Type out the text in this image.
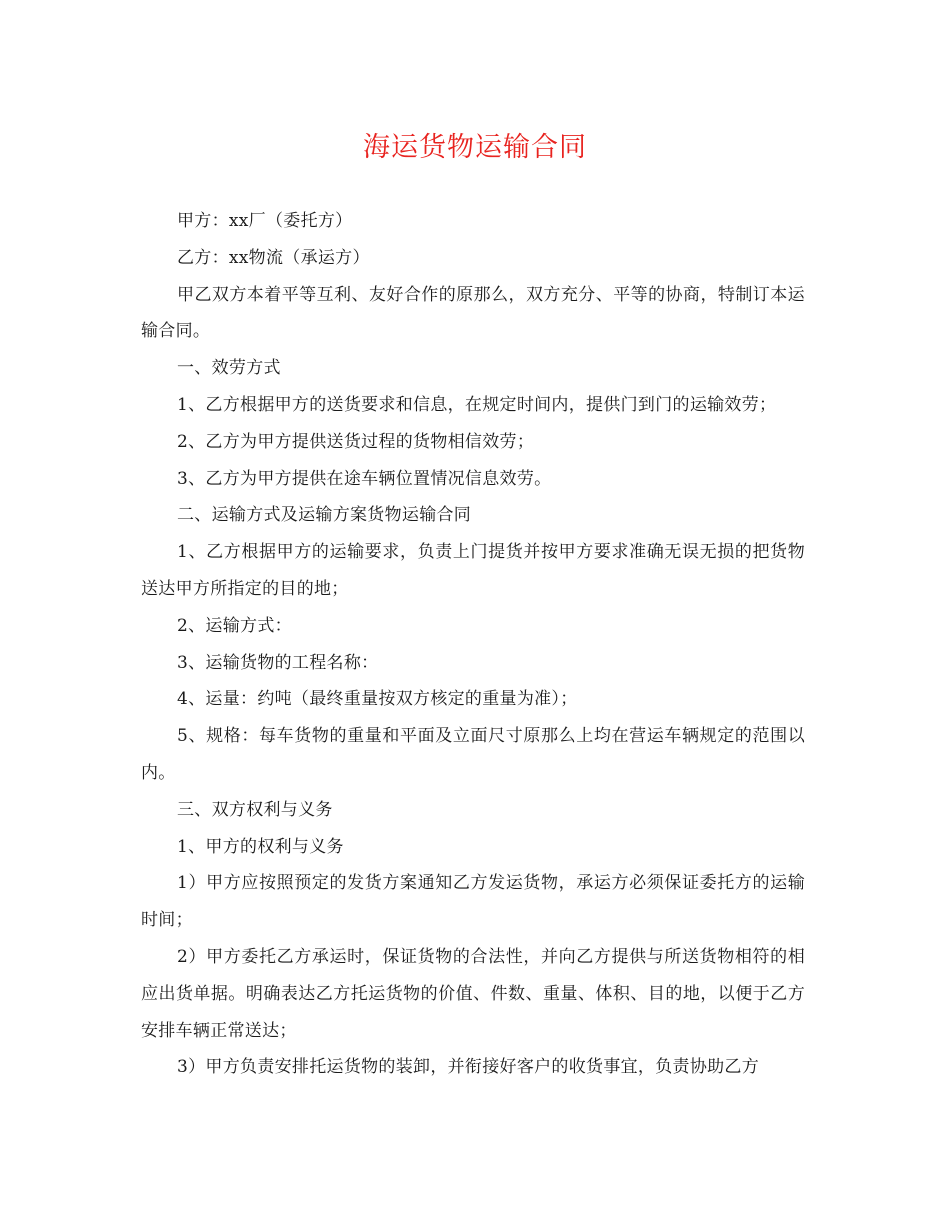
海运货物运输合同

甲方：xx厂（委托方）

乙方：xx物流（承运方）

甲乙双方本着平等互利、友好合作的原那么，双方充分、平等的协商，特制订本运输合同。

一、效劳方式

1、乙方根据甲方的送货要求和信息，在规定时间内，提供门到门的运输效劳；

2、乙方为甲方提供送货过程的货物相信效劳；

3、乙方为甲方提供在途车辆位置情况信息效劳。

二、运输方式及运输方案货物运输合同

1、乙方根据甲方的运输要求，负责上门提货并按甲方要求准确无误无损的把货物送达甲方所指定的目的地；

2、运输方式：

3、运输货物的工程名称：

4、运量：约吨（最终重量按双方核定的重量为准）；

5、规格：每车货物的重量和平面及立面尺寸原那么上均在营运车辆规定的范围以内。

三、双方权利与义务

1、甲方的权利与义务

1）甲方应按照预定的发货方案通知乙方发运货物，承运方必须保证委托方的运输时间；

2）甲方委托乙方承运时，保证货物的合法性，并向乙方提供与所送货物相符的相应出货单据。明确表达乙方托运货物的价值、件数、重量、体积、目的地，以便于乙方安排车辆正常送达；

3）甲方负责安排托运货物的装卸，并衔接好客户的收货事宜，负责协助乙方
